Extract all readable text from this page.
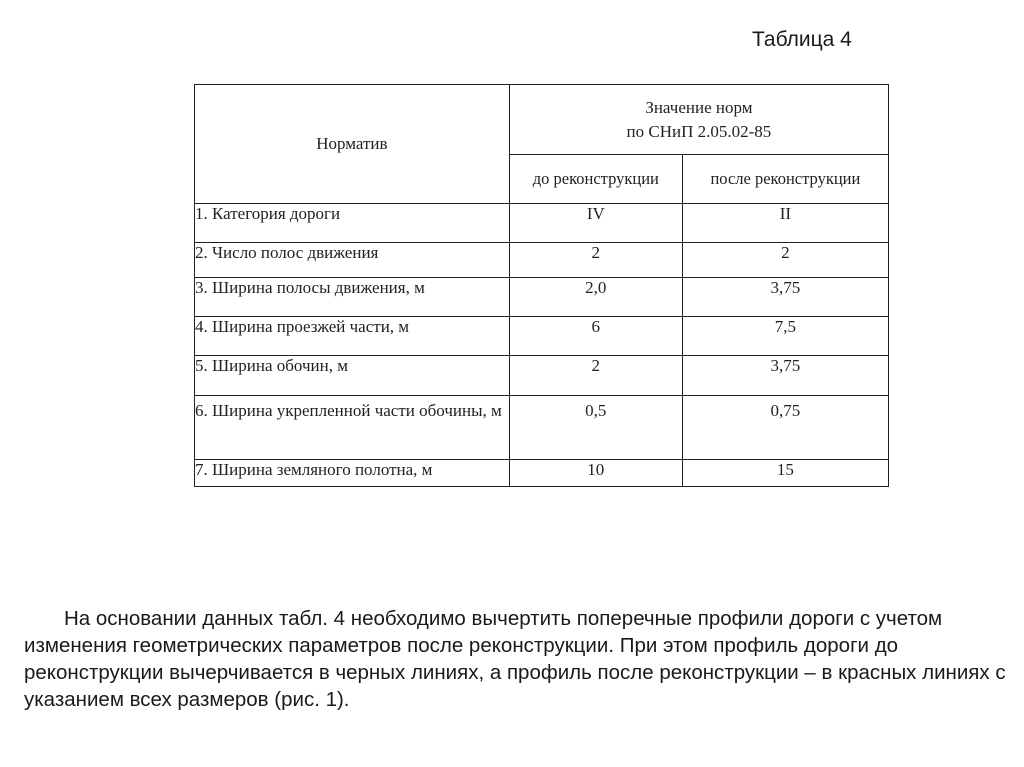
Таблица 4
Норматив	Значение норм
по СНиП 2.05.02-85	
	до реконструкции	после реконструкции
1. Категория дороги	IV	II
2. Число полос движения	2	2
3. Ширина полосы движения, м	2,0	3,75
4. Ширина проезжей части, м	6	7,5
5. Ширина обочин, м	2	3,75
6. Ширина укрепленной части обочины, м	0,5	0,75
7. Ширина земляного полотна, м	10	15

На основании данных табл. 4 необходимо вычертить поперечные профили дороги с учетом изменения геометрических параметров после реконструкции. При этом профиль дороги до реконструкции вычерчивается в черных линиях, а профиль после реконструкции – в красных линиях с указанием всех размеров (рис. 1).
